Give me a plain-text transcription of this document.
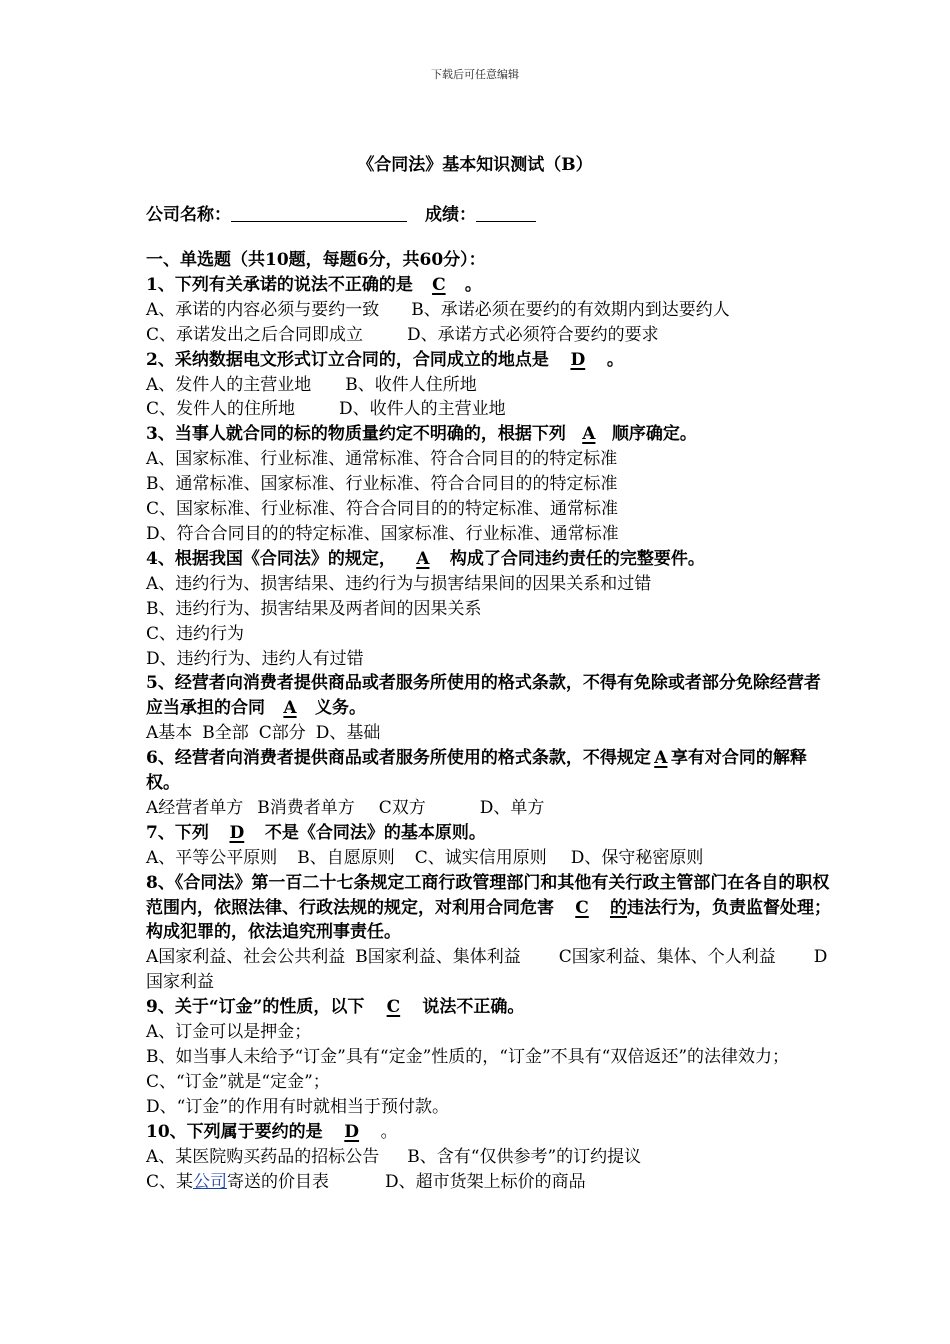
下载后可任意编辑
《合同法》基本知识测试（B）
公司名称：	成绩：
一、单选题（共10题，每题6分，共60分）：
1、下列有关承诺的说法不正确的是 C 。
A、承诺的内容必须与要约一致 B、承诺必须在要约的有效期内到达要约人
C、承诺发出之后合同即成立	D、承诺方式必须符合要约的要求
2、采纳数据电文形式订立合同的，合同成立的地点是 D 。
A、发件人的主营业地 B、收件人住所地
C、发件人的住所地	D、收件人的主营业地
3、当事人就合同的标的物质量约定不明确的，根据下列 A 顺序确定。
A、国家标准、行业标准、通常标准、符合合同目的的特定标准
B、通常标准、国家标准、行业标准、符合合同目的的特定标准
C、国家标准、行业标准、符合合同目的的特定标准、通常标准
D、符合合同目的的特定标准、国家标准、行业标准、通常标准
4、根据我国《合同法》的规定， A 构成了合同违约责任的完整要件。
A、违约行为、损害结果、违约行为与损害结果间的因果关系和过错
B、违约行为、损害结果及两者间的因果关系
C、违约行为
D、违约行为、违约人有过错
5、经营者向消费者提供商品或者服务所使用的格式条款，不得有免除或者部分免除经营者应当承担的合同 A 义务。
A基本 B全部 C部分 D、基础
6、经营者向消费者提供商品或者服务所使用的格式条款，不得规定 A 享有对合同的解释权。
A经营者单方 B消费者单方 C双方	D、单方
7、下列 D 不是《合同法》的基本原则。
A、平等公平原则 B、自愿原则 C、诚实信用原则 D、保守秘密原则
8、《合同法》第一百二十七条规定工商行政管理部门和其他有关行政主管部门在各自的职权范围内，依照法律、行政法规的规定，对利用合同危害 C 的违法行为，负责监督处理；构成犯罪的，依法追究刑事责任。
A国家利益、社会公共利益 B国家利益、集体利益 C国家利益、集体、个人利益 D国家利益
9、关于“订金”的性质，以下 C 说法不正确。
A、订金可以是押金；
B、如当事人未给予“订金”具有“定金”性质的，“订金”不具有“双倍返还”的法律效力；
C、“订金”就是“定金”；
D、“订金”的作用有时就相当于预付款。
10、下列属于要约的是 D 。
A、某医院购买药品的招标公告 B、含有“仅供参考”的订约提议
C、某公司寄送的价目表	D、超市货架上标价的商品
